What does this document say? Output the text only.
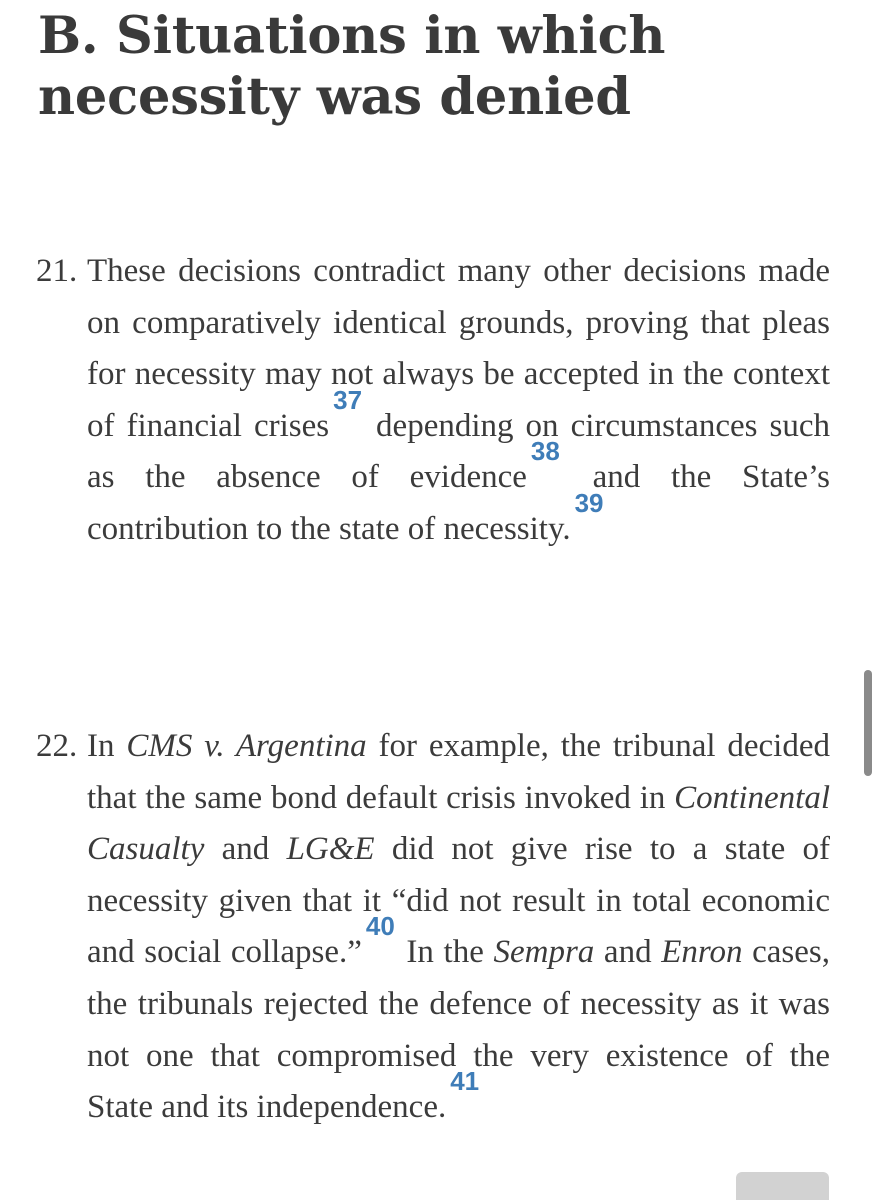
B. Situations in which necessity was denied
21. These decisions contradict many other decisions made on comparatively identical grounds, proving that pleas for necessity may not always be accepted in the context of financial crises$^{37}$ depending on circumstances such as the absence of evidence$^{38}$ and the State’s contribution to the state of necessity.$^{39}$
22. In CMS v. Argentina for example, the tribunal decided that the same bond default crisis invoked in Continental Casualty and LG&E did not give rise to a state of necessity given that it “did not result in total economic and social collapse.”$^{40}$ In the Sempra and Enron cases, the tribunals rejected the defence of necessity as it was not one that compromised the very existence of the State and its independence.$^{41}$
